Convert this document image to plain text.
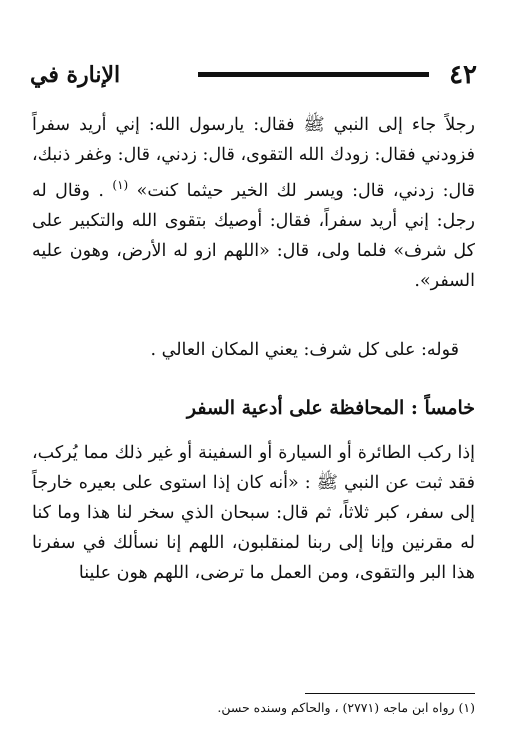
٤٢
الإنارة في
رجلاً جاء إلى النبي ﷺ فقال: يارسول الله: إني أريد سفراً فزودني فقال: زودك الله التقوى، قال: زدني، قال: وغفر ذنبك، قال: زدني، قال: ويسر لك الخير حيثما كنت» $^{(١)}$ . وقال له رجل: إني أريد سفراً، فقال: أوصيك بتقوى الله والتكبير على كل شرف» فلما ولى، قال: «اللهم ازو له الأرض، وهون عليه السفر».
قوله: على كل شرف: يعني المكان العالي .
خامساً : المحافظة على أدعية السفر
إذا ركب الطائرة أو السيارة أو السفينة أو غير ذلك مما يُركب، فقد ثبت عن النبي ﷺ : «أنه كان إذا استوى على بعيره خارجاً إلى سفر، كبر ثلاثاً، ثم قال: سبحان الذي سخر لنا هذا وما كنا له مقرنين وإنا إلى ربنا لمنقلبون، اللهم إنا نسألك في سفرنا هذا البر والتقوى، ومن العمل ما ترضى، اللهم هون علينا
(١) رواه ابن ماجه (٢٧٧١) ، والحاكم وسنده حسن.
